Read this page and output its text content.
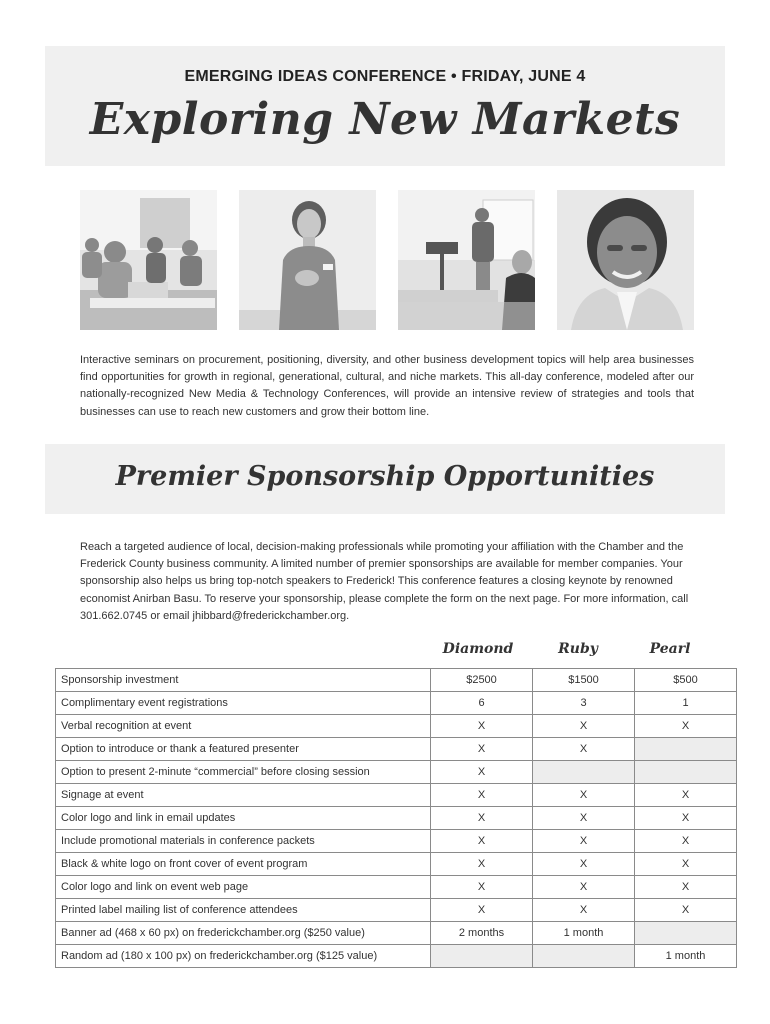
EMERGING IDEAS CONFERENCE • FRIDAY, JUNE 4
Exploring New Markets
Interactive seminars on procurement, positioning, diversity, and other business development topics will help area businesses find opportunities for growth in regional, generational, cultural, and niche markets. This all-day conference, modeled after our nationally-recognized New Media & Technology Conferences, will provide an intensive review of strategies and tools that businesses can use to reach new customers and grow their bottom line.
Premier Sponsorship Opportunities
Reach a targeted audience of local, decision-making professionals while promoting your affiliation with the Chamber and the Frederick County business community. A limited number of premier sponsorships are available for member companies. Your sponsorship also helps us bring top-notch speakers to Frederick! This conference features a closing keynote by renowned economist Anirban Basu. To reserve your sponsorship, please complete the form on the next page. For more information, call 301.662.0745 or email jhibbard@frederickchamber.org.
Diamond	Ruby	Pearl
Sponsorship investment	$2500	$1500	$500
Complimentary event registrations	6	3	1
Verbal recognition at event	X	X	X
Option to introduce or thank a featured presenter	X	X	
Option to present 2-minute “commercial” before closing session	X		
Signage at event	X	X	X
Color logo and link in email updates	X	X	X
Include promotional materials in conference packets	X	X	X
Black & white logo on front cover of event program	X	X	X
Color logo and link on event web page	X	X	X
Printed label mailing list of conference attendees	X	X	X
Banner ad (468 x 60 px) on frederickchamber.org ($250 value)	2 months	1 month	
Random ad (180 x 100 px) on frederickchamber.org ($125 value)			1 month
